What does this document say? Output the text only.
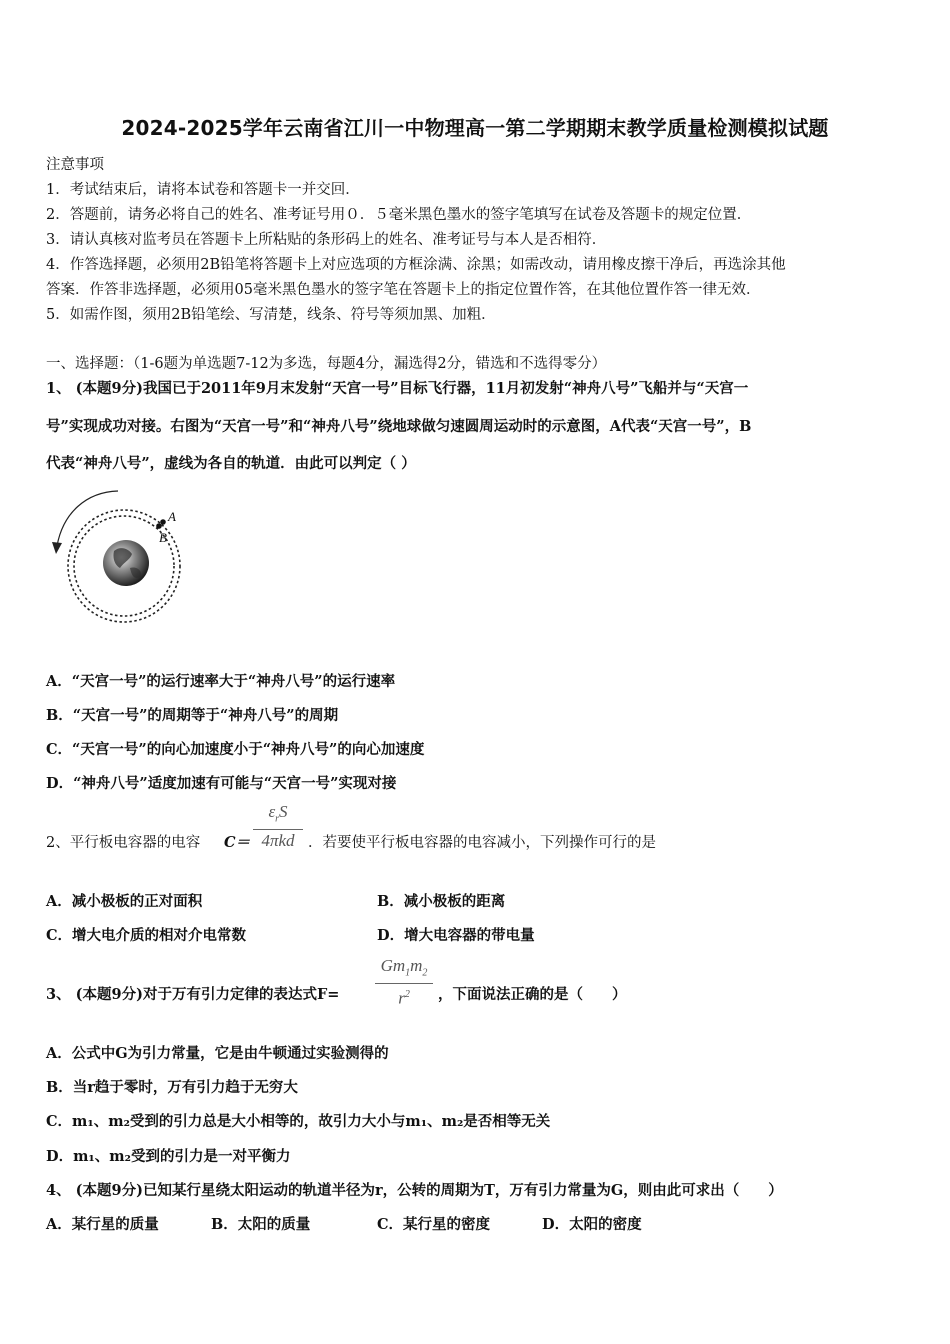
2024-2025学年云南省江川一中物理高一第二学期期末教学质量检测模拟试题
注意事项
1．考试结束后，请将本试卷和答题卡一并交回．
2．答题前，请务必将自己的姓名、准考证号用０．５毫米黑色墨水的签字笔填写在试卷及答题卡的规定位置．
3．请认真核对监考员在答题卡上所粘贴的条形码上的姓名、准考证号与本人是否相符．
4．作答选择题，必须用2B铅笔将答题卡上对应选项的方框涂满、涂黑；如需改动，请用橡皮擦干净后，再选涂其他
答案．作答非选择题，必须用05毫米黑色墨水的签字笔在答题卡上的指定位置作答，在其他位置作答一律无效．
5．如需作图，须用2B铅笔绘、写清楚，线条、符号等须加黑、加粗．
一、选择题：（1-6题为单选题7-12为多选，每题4分，漏选得2分，错选和不选得零分）
1、 (本题9分)我国已于2011年9月末发射“天宫一号”目标飞行器，11月初发射“神舟八号”飞船并与“天宫一
号”实现成功对接。右图为“天宫一号”和“神舟八号”绕地球做匀速圆周运动时的示意图，A代表“天宫一号”，B
代表“神舟八号”，虚线为各自的轨道．由此可以判定（ ）
A
B
A．“天宫一号”的运行速率大于“神舟八号”的运行速率
B．“天宫一号”的周期等于“神舟八号”的周期
C．“天宫一号”的向心加速度小于“神舟八号”的向心加速度
D．“神舟八号”适度加速有可能与“天宫一号”实现对接
2、平行板电容器的电容 C＝
$\varepsilon_rS$
4πkd ．若要使平行板电容器的电容减小，下列操作可行的是
A．减小极板的正对面积	B．减小极板的距离
C．增大电介质的相对介电常数	D．增大电容器的带电量
3、 (本题9分)对于万有引力定律的表达式$F= \frac{Gm_1m_2}{r^2}$ ，下面说法正确的是（　　）
A．公式中G为引力常量，它是由牛顿通过实验测得的
B．当r趋于零时，万有引力趋于无穷大
C．m₁、m₂受到的引力总是大小相等的，故引力大小与m₁、m₂是否相等无关
D．m₁、m₂受到的引力是一对平衡力
4、 (本题9分)已知某行星绕太阳运动的轨道半径为r，公转的周期为T，万有引力常量为G，则由此可求出（　　）
A．某行星的质量	B．太阳的质量	C．某行星的密度	D．太阳的密度
